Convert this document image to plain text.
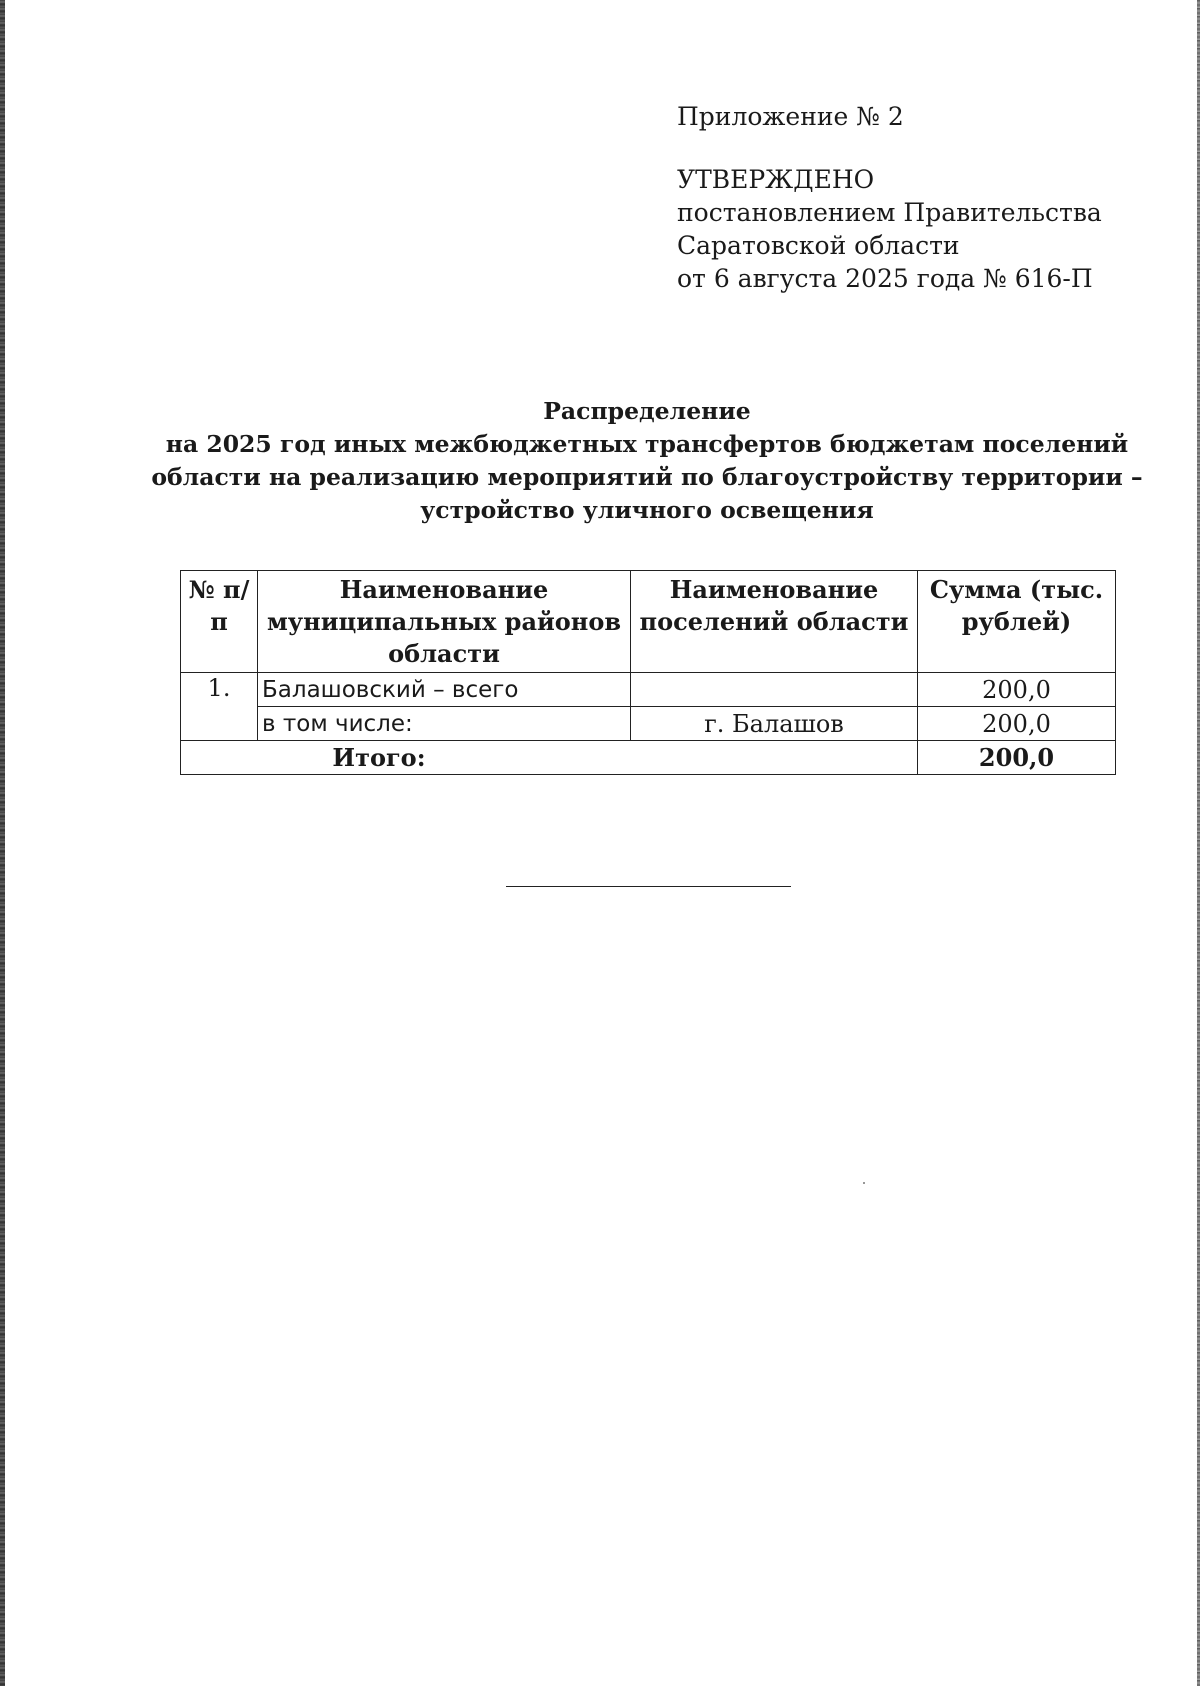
Приложение № 2

УТВЕРЖДЕНО

постановлением Правительства

Саратовской области

от 6 августа 2025 года № 616-П

Распределение

на 2025 год иных межбюджетных трансфертов бюджетам поселений

области на реализацию мероприятий по благоустройству территории –

устройство уличного освещения

№ п/п	Наименование муниципальных районов области	Наименование поселений области	Сумма (тыс. рублей)
1.	Балашовский – всего		200,0
	в том числе:	г. Балашов	200,0
Итого:			200,0
